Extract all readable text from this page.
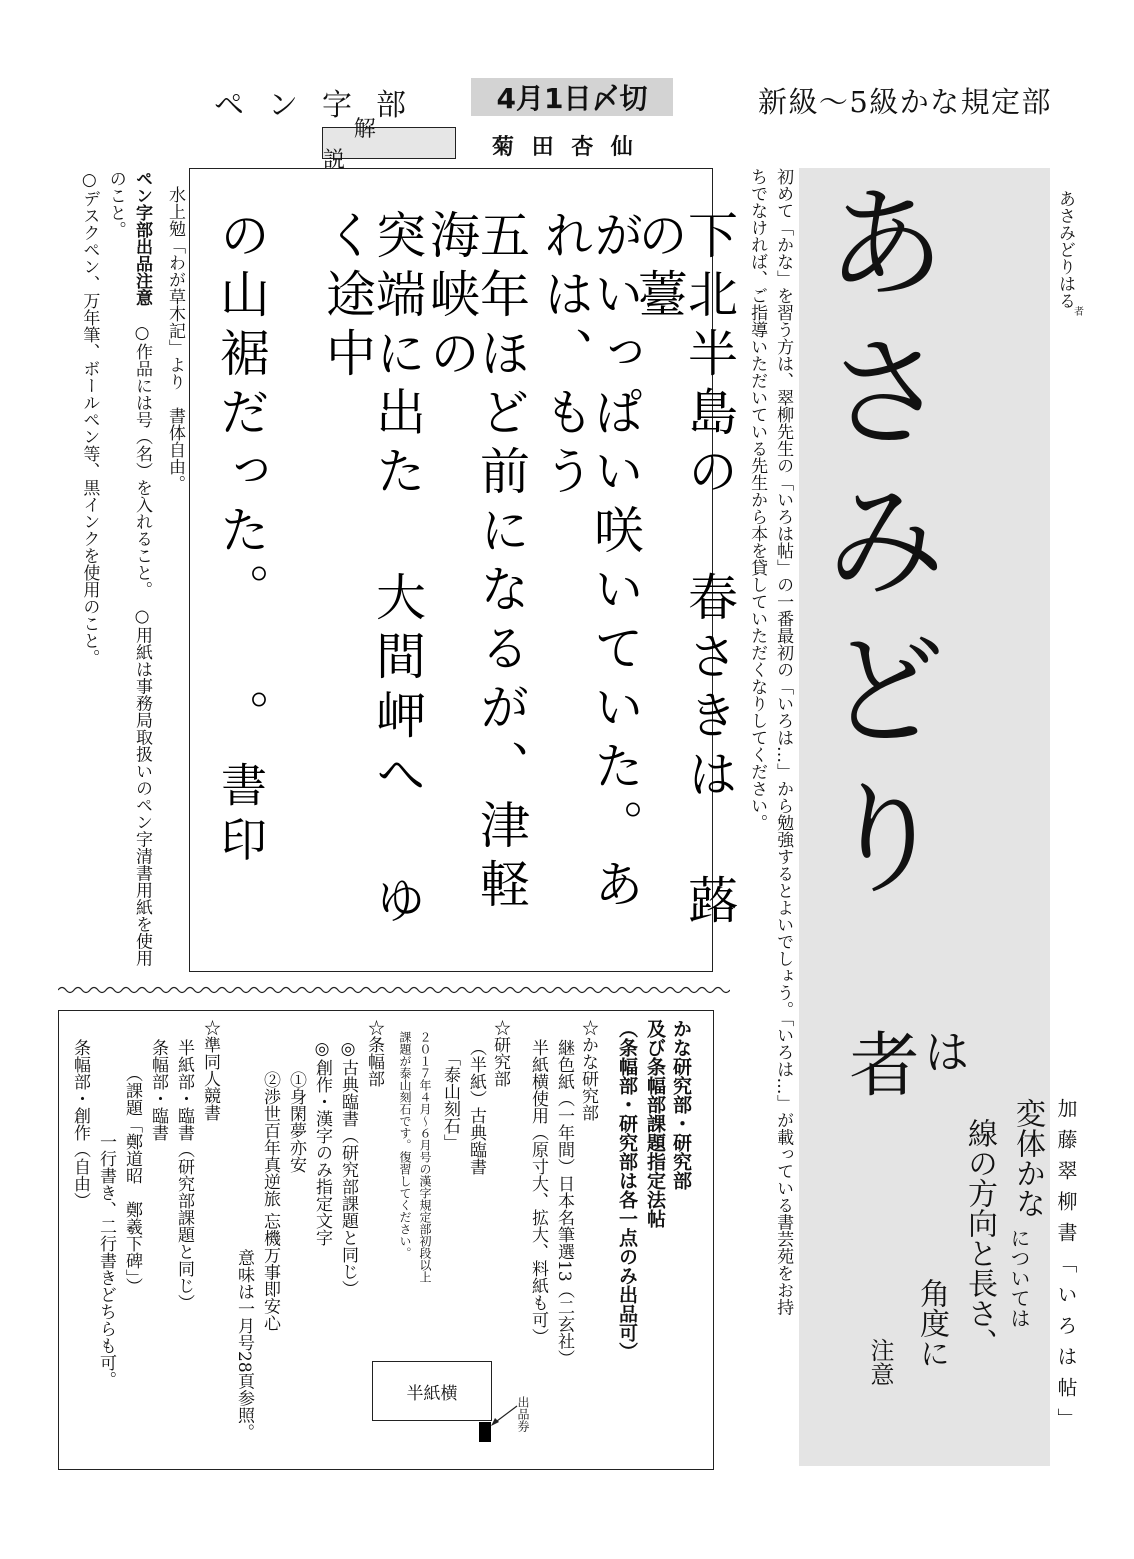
ペン字部	4月1日〆切	新級～5級かな規定部
解説
菊田杏仙
下北半島の 春さきは 蕗の薹
がいっぱい咲いていた。あれは、もう
五年ほど前になるが、津軽海峡の
突端に出た 大間岬へ ゆく途中
の山裾だった。 。
書印
水上勉「わが草木記」より　書体自由。
ペン字部出品注意　○作品には号（名）を入れること。　○用紙は事務局取扱いのペン字清書用紙を使用のこと。
○デスクペン、万年筆、ボールペン等、黒インクを使用のこと。
かな研究部・研究部
及び条幅部課題指定法帖
（条幅部・研究部は各一点のみ出品可）
☆かな研究部
継色紙（一年間）日本名筆選13（二玄社）
半紙横使用（原寸大、拡大、料紙も可）
☆研究部
（半紙）古典臨書
「泰山刻石」
２０１７年４月～６月号の漢字規定部初段以上
課題が泰山刻石です。復習してください。
☆条幅部
◎古典臨書（研究部課題と同じ）
◎創作・漢字のみ指定文字
①身閑夢亦安
②渉世百年真逆旅 忘機万事即安心
意味は一月号28頁参照。
☆準同人競書
半紙部・臨書（研究部課題と同じ）
条幅部・臨書
（課題「鄭道昭　鄭羲下碑」）
一行書き、二行書きどちらも可。
条幅部・創作（自由）
半紙横
出品券
あさみどり
は
者
変体かな
については
線の方向と長さ、
角度に
注意
あさみどりはる
者
加藤翠柳書「いろは帖」
初めて「かな」を習う方は、翠柳先生の「いろは帖」の一番最初の「いろは…」から勉強するとよいでしょう。「いろは…」が載っている書芸苑をお持
ちでなければ、ご指導いただいている先生から本を貸していただくなりしてください。
